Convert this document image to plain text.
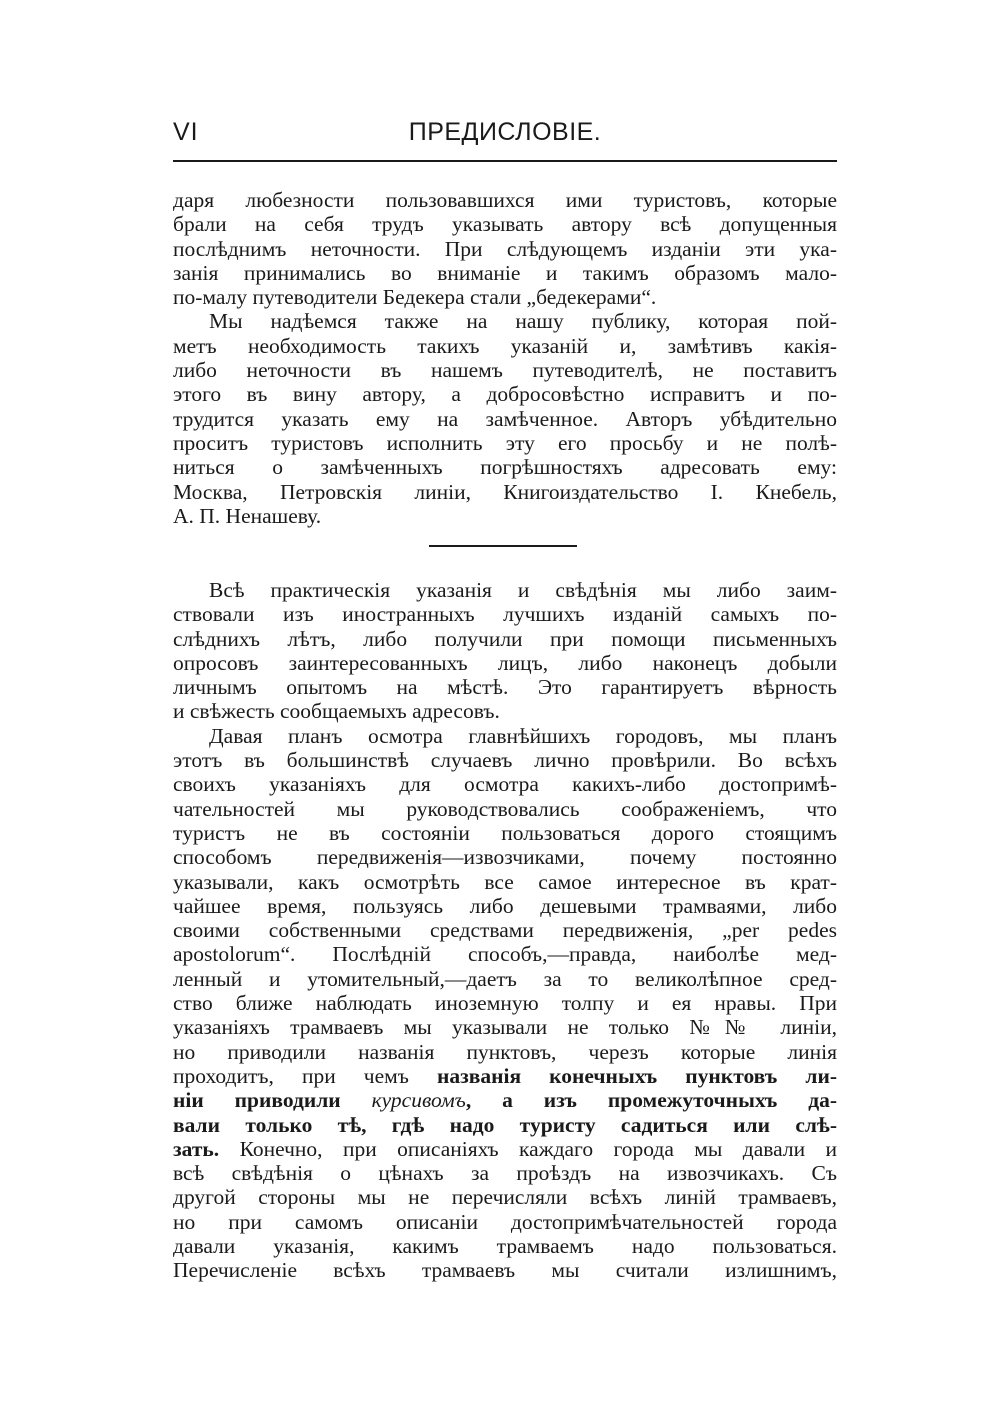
VI	ПРЕДИСЛОВІЕ.
даря любезности пользовавшихся ими туристовъ, которые
брали на себя трудъ указывать автору всѣ допущенныя
послѣднимъ неточности. При слѣдующемъ изданіи эти ука-
занія принимались во вниманіе и такимъ образомъ мало-
по-малу путеводители Бедекера стали „бедекерами“.
Мы надѣемся также на нашу публику, которая пой-
метъ необходимость такихъ указаній и, замѣтивъ какія-
либо неточности въ нашемъ путеводителѣ, не поставитъ
этого въ вину автору, а добросовѣстно исправитъ и по-
трудится указать ему на замѣченное. Авторъ убѣдительно
проситъ туристовъ исполнить эту его просьбу и не полѣ-
ниться о замѣченныхъ погрѣшностяхъ адресовать ему:
Москва, Петровскія линіи, Книгоиздательство І. Кнебель,
А. П. Ненашеву.
Всѣ практическія указанія и свѣдѣнія мы либо заим-
ствовали изъ иностранныхъ лучшихъ изданій самыхъ по-
слѣднихъ лѣтъ, либо получили при помощи письменныхъ
опросовъ заинтересованныхъ лицъ, либо наконецъ добыли
личнымъ опытомъ на мѣстѣ. Это гарантируетъ вѣрность
и свѣжесть сообщаемыхъ адресовъ.
Давая планъ осмотра главнѣйшихъ городовъ, мы планъ
этотъ въ большинствѣ случаевъ лично провѣрили. Во всѣхъ
своихъ указаніяхъ для осмотра какихъ-либо достопримѣ-
чательностей мы руководствовались соображеніемъ, что
туристъ не въ состояніи пользоваться дорого стоящимъ
способомъ передвиженія—извозчиками, почему постоянно
указывали, какъ осмотрѣть все самое интересное въ крат-
чайшее время, пользуясь либо дешевыми трамваями, либо
своими собственными средствами передвиженія, „per pedes
apostolorum“. Послѣдній способъ,—правда, наиболѣе мед-
ленный и утомительный,—даетъ за то великолѣпное сред-
ство ближе наблюдать иноземную толпу и ея нравы. При
указаніяхъ трамваевъ мы указывали не только №№ линіи,
но приводили названія пунктовъ, черезъ которые линія
проходитъ, при чемъ названія конечныхъ пунктовъ ли-
ніи приводили курсивомъ, а изъ промежуточныхъ да-
вали только тѣ, гдѣ надо туристу садиться или слѣ-
зать. Конечно, при описаніяхъ каждаго города мы давали и
всѣ свѣдѣнія о цѣнахъ за проѣздъ на извозчикахъ. Съ
другой стороны мы не перечисляли всѣхъ линій трамваевъ,
но при самомъ описаніи достопримѣчательностей города
давали указанія, какимъ трамваемъ надо пользоваться.
Перечисленіе всѣхъ трамваевъ мы считали излишнимъ,
